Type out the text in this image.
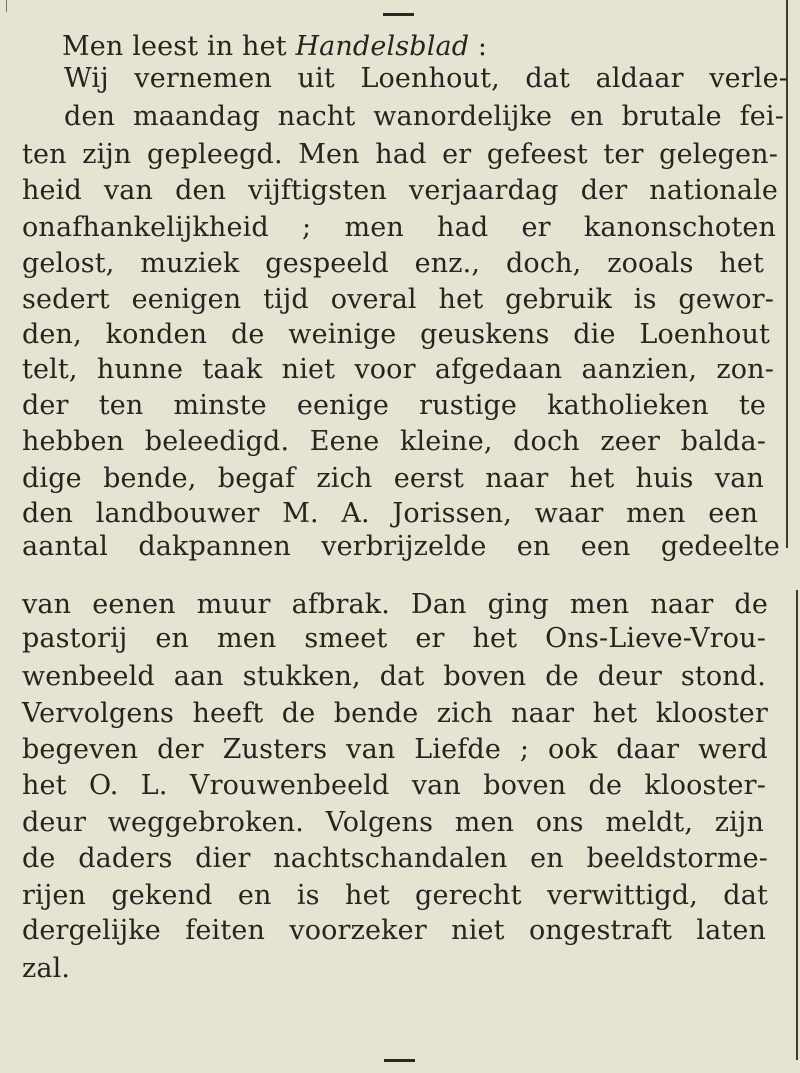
Men leest in het Handelsblad :
Wij vernemen uit Loenhout, dat aldaar verle-
den maandag nacht wanordelijke en brutale fei-
ten zijn gepleegd. Men had er gefeest ter gelegen-
heid van den vijftigsten verjaardag der nationale
onafhankelijkheid ; men had er kanonschoten
gelost, muziek gespeeld enz., doch, zooals het
sedert eenigen tijd overal het gebruik is gewor-
den, konden de weinige geuskens die Loenhout
telt, hunne taak niet voor afgedaan aanzien, zon-
der ten minste eenige rustige katholieken te
hebben beleedigd. Eene kleine, doch zeer balda-
dige bende, begaf zich eerst naar het huis van
den landbouwer M. A. Jorissen, waar men een
aantal dakpannen verbrijzelde en een gedeelte
van eenen muur afbrak. Dan ging men naar de
pastorij en men smeet er het Ons-Lieve-Vrou-
wenbeeld aan stukken, dat boven de deur stond.
Vervolgens heeft de bende zich naar het klooster
begeven der Zusters van Liefde ; ook daar werd
het O. L. Vrouwenbeeld van boven de klooster-
deur weggebroken. Volgens men ons meldt, zijn
de daders dier nachtschandalen en beeldstorme-
rijen gekend en is het gerecht verwittigd, dat
dergelijke feiten voorzeker niet ongestraft laten
zal.
